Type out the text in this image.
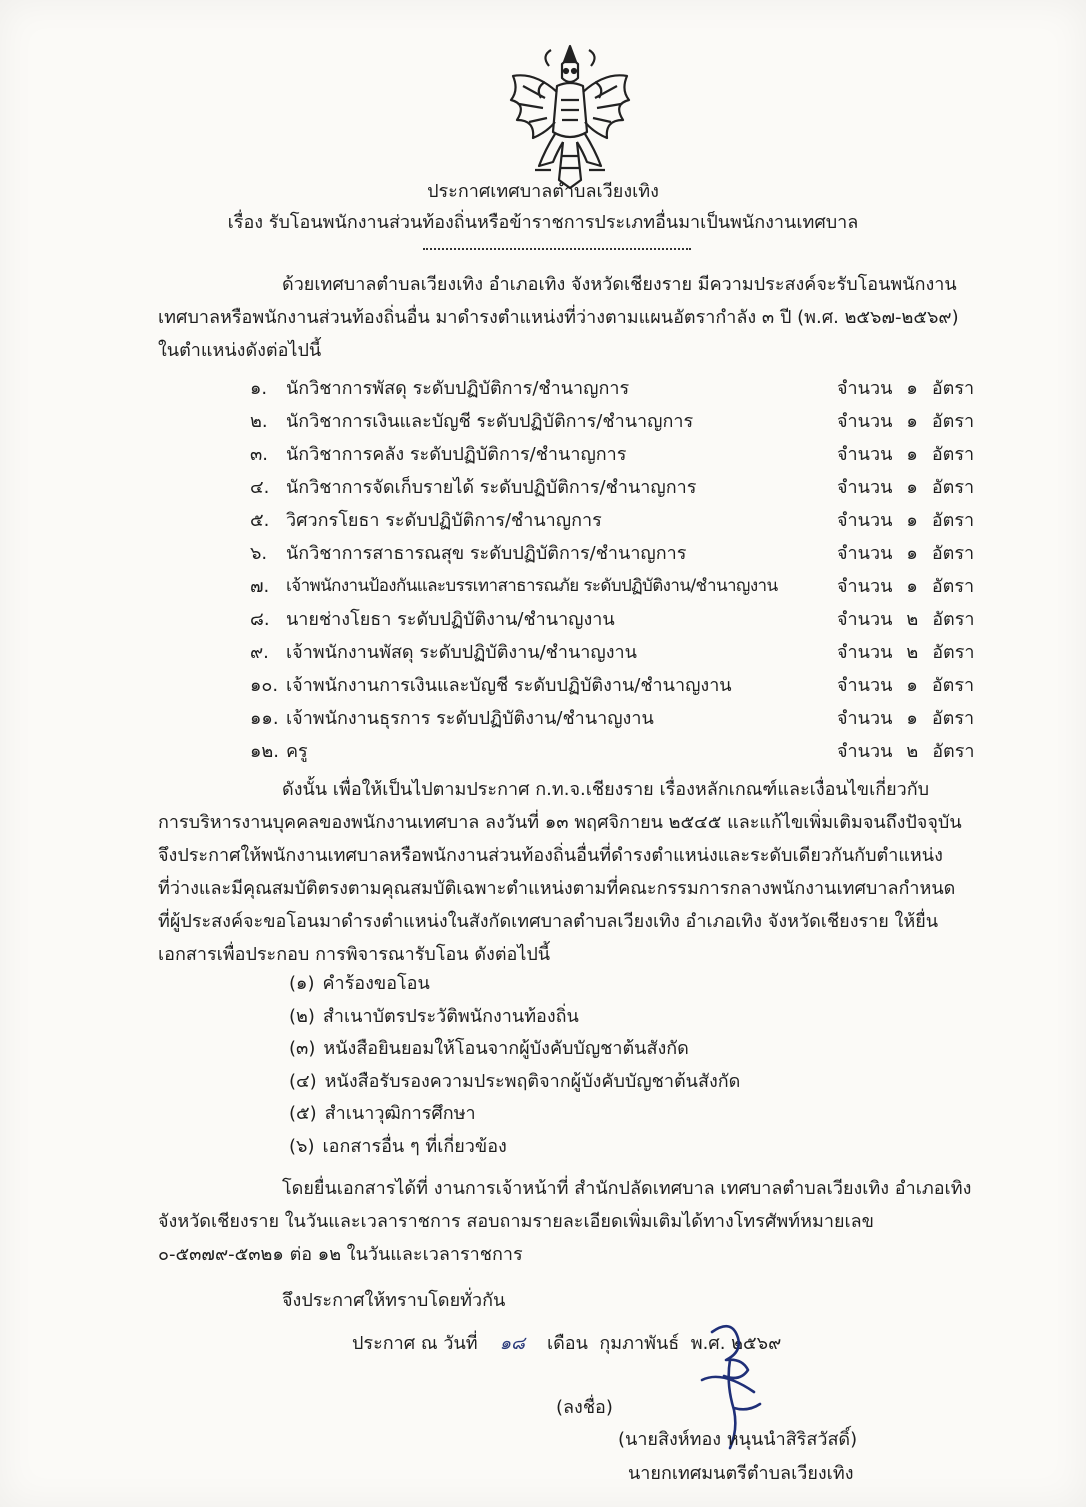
ประกาศเทศบาลตำบลเวียงเทิง
เรื่อง รับโอนพนักงานส่วนท้องถิ่นหรือข้าราชการประเภทอื่นมาเป็นพนักงานเทศบาล
ด้วยเทศบาลตำบลเวียงเทิง อำเภอเทิง จังหวัดเชียงราย มีความประสงค์จะรับโอนพนักงาน
เทศบาลหรือพนักงานส่วนท้องถิ่นอื่น มาดำรงตำแหน่งที่ว่างตามแผนอัตรากำลัง ๓ ปี (พ.ศ. ๒๕๖๗-๒๕๖๙)
ในตำแหน่งดังต่อไปนี้
๑. นักวิชาการพัสดุ ระดับปฏิบัติการ/ชำนาญการ	จำนวน ๑ อัตรา
๒. นักวิชาการเงินและบัญชี ระดับปฏิบัติการ/ชำนาญการ	จำนวน ๑ อัตรา
๓. นักวิชาการคลัง ระดับปฏิบัติการ/ชำนาญการ	จำนวน ๑ อัตรา
๔. นักวิชาการจัดเก็บรายได้ ระดับปฏิบัติการ/ชำนาญการ	จำนวน ๑ อัตรา
๕. วิศวกรโยธา ระดับปฏิบัติการ/ชำนาญการ	จำนวน ๑ อัตรา
๖. นักวิชาการสาธารณสุข ระดับปฏิบัติการ/ชำนาญการ	จำนวน ๑ อัตรา
๗. เจ้าพนักงานป้องกันและบรรเทาสาธารณภัย ระดับปฏิบัติงาน/ชำนาญงาน	จำนวน ๑ อัตรา
๘. นายช่างโยธา ระดับปฏิบัติงาน/ชำนาญงาน	จำนวน ๒ อัตรา
๙. เจ้าพนักงานพัสดุ ระดับปฏิบัติงาน/ชำนาญงาน	จำนวน ๒ อัตรา
๑๐. เจ้าพนักงานการเงินและบัญชี ระดับปฏิบัติงาน/ชำนาญงาน	จำนวน ๑ อัตรา
๑๑. เจ้าพนักงานธุรการ ระดับปฏิบัติงาน/ชำนาญงาน	จำนวน ๑ อัตรา
๑๒. ครู	จำนวน ๒ อัตรา
ดังนั้น เพื่อให้เป็นไปตามประกาศ ก.ท.จ.เชียงราย เรื่องหลักเกณฑ์และเงื่อนไขเกี่ยวกับ
การบริหารงานบุคคลของพนักงานเทศบาล ลงวันที่ ๑๓ พฤศจิกายน ๒๕๔๕ และแก้ไขเพิ่มเติมจนถึงปัจจุบัน
จึงประกาศให้พนักงานเทศบาลหรือพนักงานส่วนท้องถิ่นอื่นที่ดำรงตำแหน่งและระดับเดียวกันกับตำแหน่ง
ที่ว่างและมีคุณสมบัติตรงตามคุณสมบัติเฉพาะตำแหน่งตามที่คณะกรรมการกลางพนักงานเทศบาลกำหนด
ที่ผู้ประสงค์จะขอโอนมาดำรงตำแหน่งในสังกัดเทศบาลตำบลเวียงเทิง อำเภอเทิง จังหวัดเชียงราย ให้ยื่น
เอกสารเพื่อประกอบ การพิจารณารับโอน ดังต่อไปนี้
(๑) คำร้องขอโอน
(๒) สำเนาบัตรประวัติพนักงานท้องถิ่น
(๓) หนังสือยินยอมให้โอนจากผู้บังคับบัญชาต้นสังกัด
(๔) หนังสือรับรองความประพฤติจากผู้บังคับบัญชาต้นสังกัด
(๕) สำเนาวุฒิการศึกษา
(๖) เอกสารอื่น ๆ ที่เกี่ยวข้อง
โดยยื่นเอกสารได้ที่ งานการเจ้าหน้าที่ สำนักปลัดเทศบาล เทศบาลตำบลเวียงเทิง อำเภอเทิง
จังหวัดเชียงราย ในวันและเวลาราชการ สอบถามรายละเอียดเพิ่มเติมได้ทางโทรศัพท์หมายเลข
๐-๕๓๗๙-๕๓๒๑ ต่อ ๑๒ ในวันและเวลาราชการ
จึงประกาศให้ทราบโดยทั่วกัน
ประกาศ ณ วันที่ ๑๘ เดือน กุมภาพันธ์ พ.ศ. ๒๕๖๙
(ลงชื่อ)
(นายสิงห์ทอง หนุนนำสิริสวัสดิ์)
นายกเทศมนตรีตำบลเวียงเทิง
